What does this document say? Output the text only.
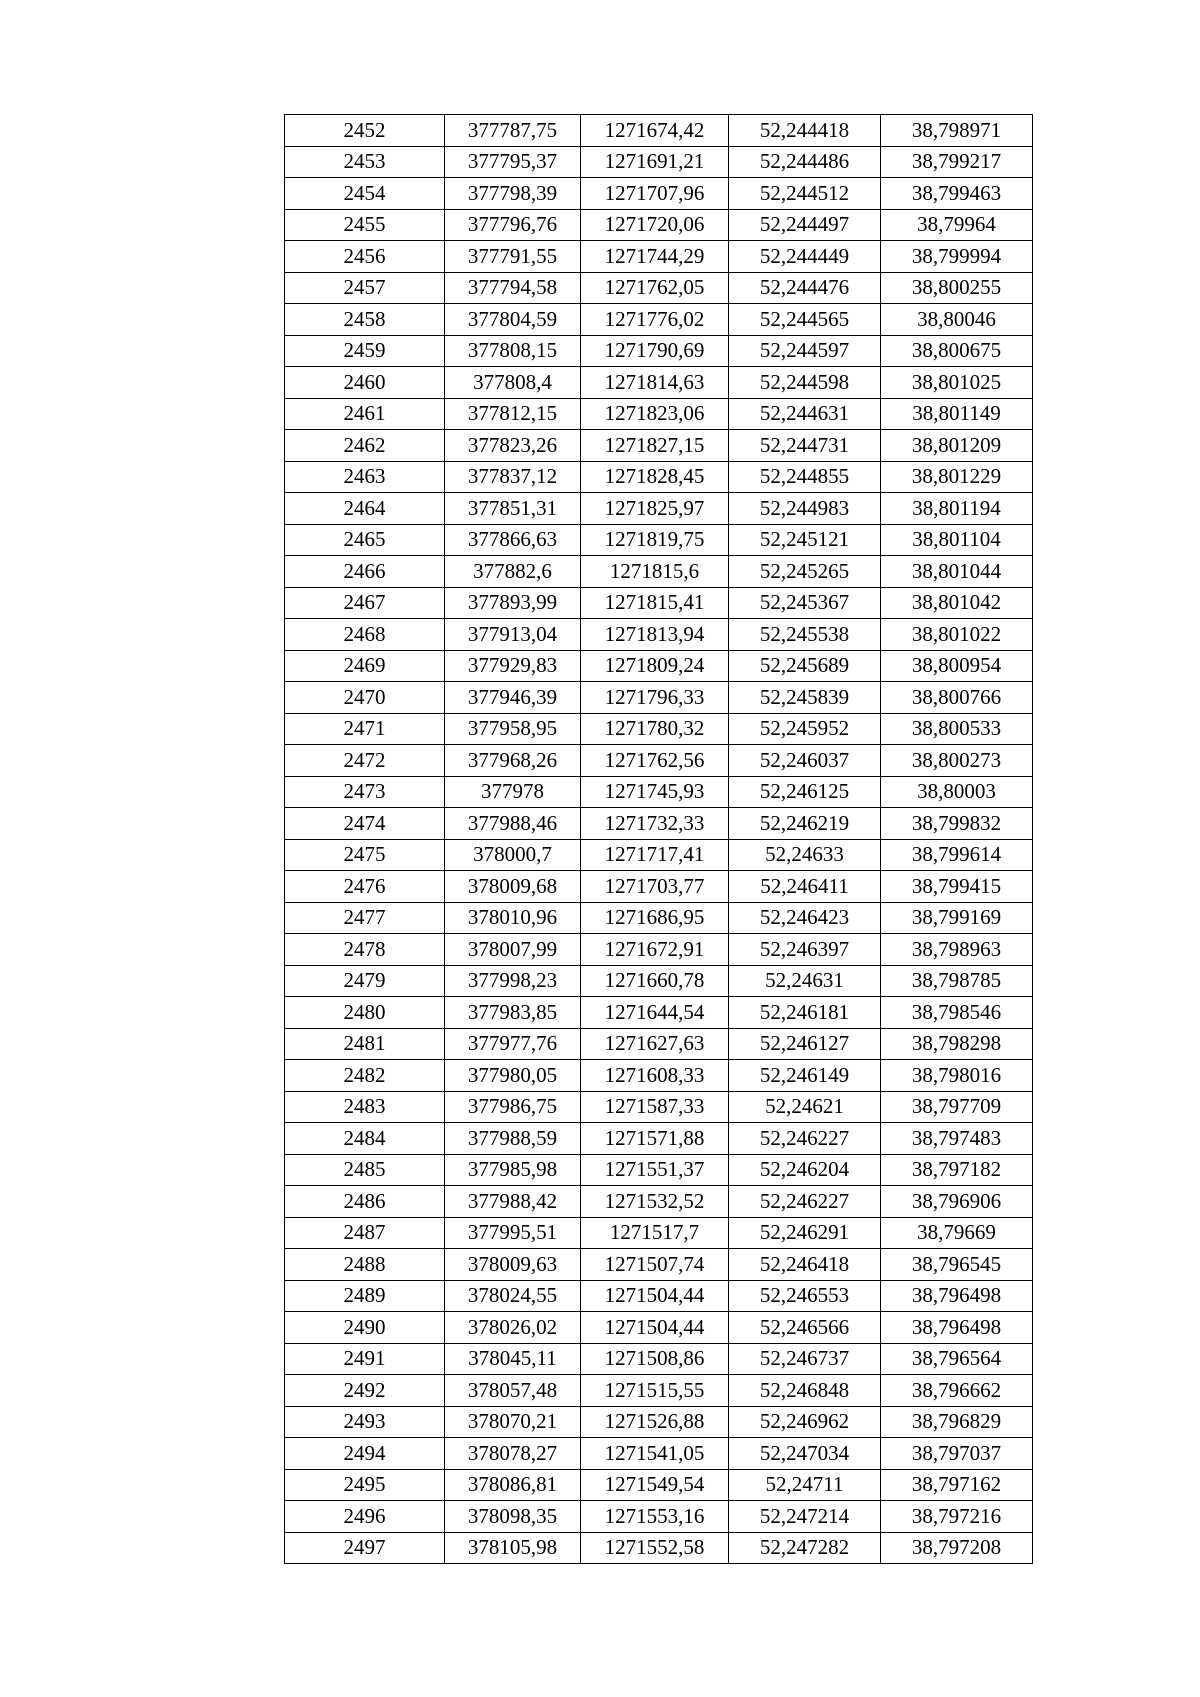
2452	377787,75	1271674,42	52,244418	38,798971
2453	377795,37	1271691,21	52,244486	38,799217
2454	377798,39	1271707,96	52,244512	38,799463
2455	377796,76	1271720,06	52,244497	38,79964
2456	377791,55	1271744,29	52,244449	38,799994
2457	377794,58	1271762,05	52,244476	38,800255
2458	377804,59	1271776,02	52,244565	38,80046
2459	377808,15	1271790,69	52,244597	38,800675
2460	377808,4	1271814,63	52,244598	38,801025
2461	377812,15	1271823,06	52,244631	38,801149
2462	377823,26	1271827,15	52,244731	38,801209
2463	377837,12	1271828,45	52,244855	38,801229
2464	377851,31	1271825,97	52,244983	38,801194
2465	377866,63	1271819,75	52,245121	38,801104
2466	377882,6	1271815,6	52,245265	38,801044
2467	377893,99	1271815,41	52,245367	38,801042
2468	377913,04	1271813,94	52,245538	38,801022
2469	377929,83	1271809,24	52,245689	38,800954
2470	377946,39	1271796,33	52,245839	38,800766
2471	377958,95	1271780,32	52,245952	38,800533
2472	377968,26	1271762,56	52,246037	38,800273
2473	377978	1271745,93	52,246125	38,80003
2474	377988,46	1271732,33	52,246219	38,799832
2475	378000,7	1271717,41	52,24633	38,799614
2476	378009,68	1271703,77	52,246411	38,799415
2477	378010,96	1271686,95	52,246423	38,799169
2478	378007,99	1271672,91	52,246397	38,798963
2479	377998,23	1271660,78	52,24631	38,798785
2480	377983,85	1271644,54	52,246181	38,798546
2481	377977,76	1271627,63	52,246127	38,798298
2482	377980,05	1271608,33	52,246149	38,798016
2483	377986,75	1271587,33	52,24621	38,797709
2484	377988,59	1271571,88	52,246227	38,797483
2485	377985,98	1271551,37	52,246204	38,797182
2486	377988,42	1271532,52	52,246227	38,796906
2487	377995,51	1271517,7	52,246291	38,79669
2488	378009,63	1271507,74	52,246418	38,796545
2489	378024,55	1271504,44	52,246553	38,796498
2490	378026,02	1271504,44	52,246566	38,796498
2491	378045,11	1271508,86	52,246737	38,796564
2492	378057,48	1271515,55	52,246848	38,796662
2493	378070,21	1271526,88	52,246962	38,796829
2494	378078,27	1271541,05	52,247034	38,797037
2495	378086,81	1271549,54	52,24711	38,797162
2496	378098,35	1271553,16	52,247214	38,797216
2497	378105,98	1271552,58	52,247282	38,797208
